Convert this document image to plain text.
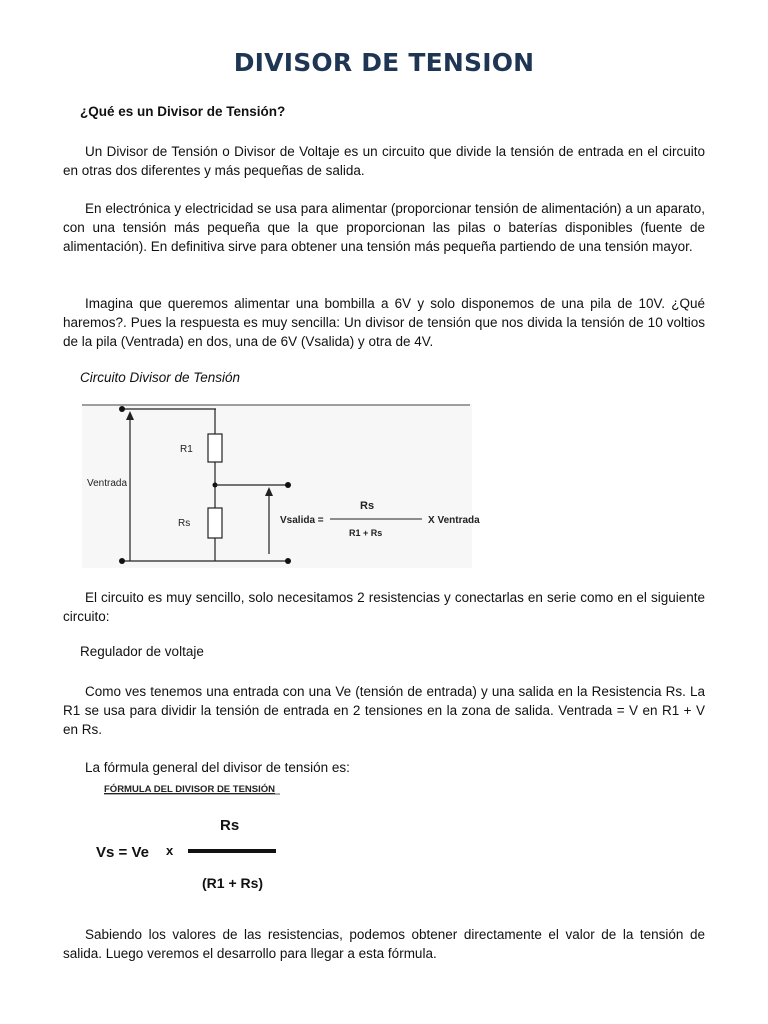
DIVISOR DE TENSION
¿Qué es un Divisor de Tensión?
Un Divisor de Tensión o Divisor de Voltaje es un circuito que divide la tensión de entrada en el circuito en otras dos diferentes y más pequeñas de salida.
En electrónica y electricidad se usa para alimentar (proporcionar tensión de alimentación) a un aparato, con una tensión más pequeña que la que proporcionan las pilas o baterías disponibles (fuente de alimentación). En definitiva sirve para obtener una tensión más pequeña partiendo de una tensión mayor.
Imagina que queremos alimentar una bombilla a 6V y solo disponemos de una pila de 10V. ¿Qué haremos?. Pues la respuesta es muy sencilla: Un divisor de tensión que nos divida la tensión de 10 voltios de la pila (Ventrada) en dos, una de 6V (Vsalida) y otra de 4V.
Circuito Divisor de Tensión
Ventrada
R1
Rs	Vsalida =
Rs
R1 + Rs
X Ventrada
El circuito es muy sencillo, solo necesitamos 2 resistencias y conectarlas en serie como en el siguiente circuito:
Regulador de voltaje
Como ves tenemos una entrada con una Ve (tensión de entrada) y una salida en la Resistencia Rs. La R1 se usa para dividir la tensión de entrada en 2 tensiones en la zona de salida. Ventrada = V en R1 + V en Rs.
La fórmula general del divisor de tensión es:
FÓRMULA DEL DIVISOR DE TENSIÓN
Vs = Ve x
Rs
(R1 + Rs)
Sabiendo los valores de las resistencias, podemos obtener directamente el valor de la tensión de salida. Luego veremos el desarrollo para llegar a esta fórmula.
